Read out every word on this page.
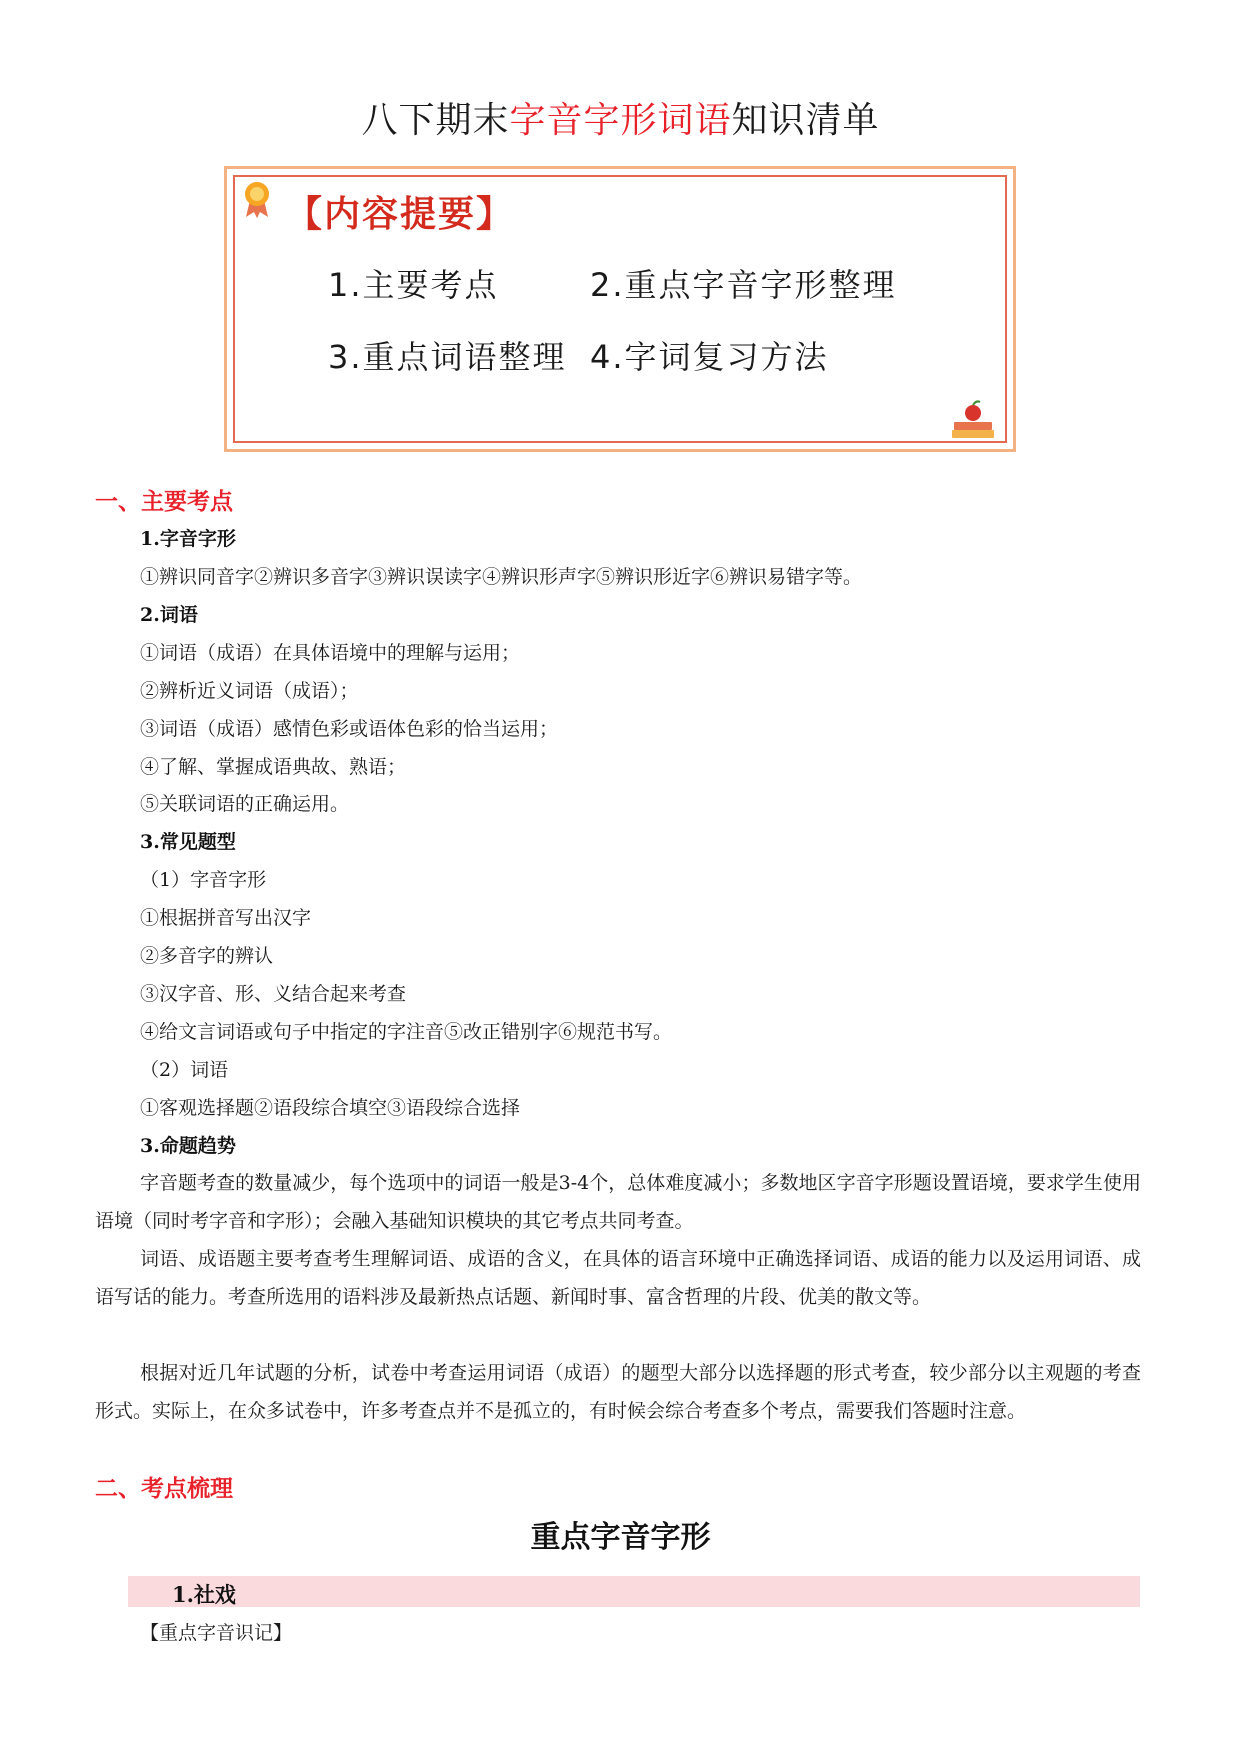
八下期末字音字形词语知识清单
【内容提要】
1.主要考点	2.重点字音字形整理
3.重点词语整理 4.字词复习方法
一、主要考点
1.字音字形
①辨识同音字②辨识多音字③辨识误读字④辨识形声字⑤辨识形近字⑥辨识易错字等。
2.词语
①词语（成语）在具体语境中的理解与运用；
②辨析近义词语（成语）；
③词语（成语）感情色彩或语体色彩的恰当运用；
④了解、掌握成语典故、熟语；
⑤关联词语的正确运用。
3.常见题型
（1）字音字形
①根据拼音写出汉字
②多音字的辨认
③汉字音、形、义结合起来考查
④给文言词语或句子中指定的字注音⑤改正错别字⑥规范书写。
（2）词语
①客观选择题②语段综合填空③语段综合选择
3.命题趋势
字音题考查的数量减少，每个选项中的词语一般是3-4个，总体难度减小；多数地区字音字形题设置语境，要求学生使用语境（同时考字音和字形）；会融入基础知识模块的其它考点共同考查。
词语、成语题主要考查考生理解词语、成语的含义，在具体的语言环境中正确选择词语、成语的能力以及运用词语、成语写话的能力。考查所选用的语料涉及最新热点话题、新闻时事、富含哲理的片段、优美的散文等。
根据对近几年试题的分析，试卷中考查运用词语（成语）的题型大部分以选择题的形式考查，较少部分以主观题的考查形式。实际上，在众多试卷中，许多考查点并不是孤立的，有时候会综合考查多个考点，需要我们答题时注意。
二、考点梳理
重点字音字形
1.社戏
【重点字音识记】
